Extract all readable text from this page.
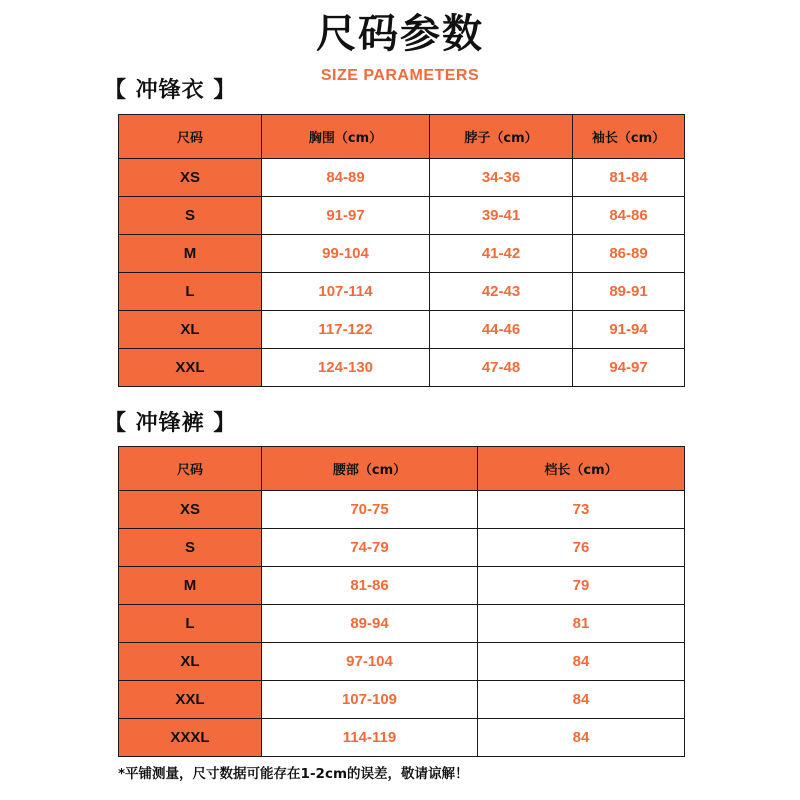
尺码参数
SIZE PARAMETERS
【 冲锋衣 】
尺码	胸围（cm）	脖子（cm）	袖长（cm）
XS	84-89	34-36	81-84
S	91-97	39-41	84-86
M	99-104	41-42	86-89
L	107-114	42-43	89-91
XL	117-122	44-46	91-94
XXL	124-130	47-48	94-97
【 冲锋裤 】
尺码	腰部（cm）	档长（cm）
XS	70-75	73
S	74-79	76
M	81-86	79
L	89-94	81
XL	97-104	84
XXL	107-109	84
XXXL	114-119	84
*平铺测量，尺寸数据可能存在1-2cm的误差，敬请谅解！
